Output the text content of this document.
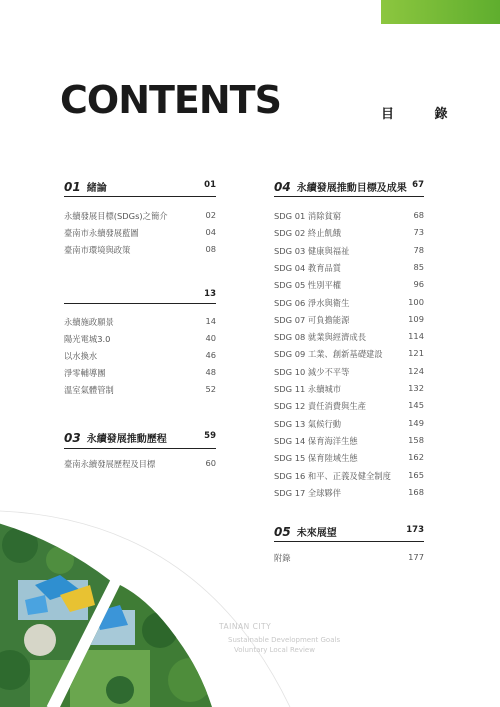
CONTENTS	目 錄
01 緒論	01
永續發展目標(SDGs)之簡介	02
臺南市永續發展藍圖	04
臺南市環境與政策	08
13
永續施政願景	14
陽光電城3.0	40
以水換水	46
淨零輔導團	48
溫室氣體管制	52
03 永續發展推動歷程	59
臺南永續發展歷程及目標	60
04 永續發展推動目標及成果 67
SDG 01 消除貧窮	68
SDG 02 終止飢餓	73
SDG 03 健康與福祉	78
SDG 04 教育品質	85
SDG 05 性別平權	96
SDG 06 淨水與衛生	100
SDG 07 可負擔能源	109
SDG 08 就業與經濟成長	114
SDG 09 工業、創新基礎建設	121
SDG 10 減少不平等	124
SDG 11 永續城市	132
SDG 12 責任消費與生產	145
SDG 13 氣候行動	149
SDG 14 保育海洋生態	158
SDG 15 保育陸域生態	162
SDG 16 和平、正義及健全制度 165
SDG 17 全球夥伴	168
05 未來展望	173
附錄	177
TAINAN CITY
Sustainable Development Goals
Voluntary Local Review
